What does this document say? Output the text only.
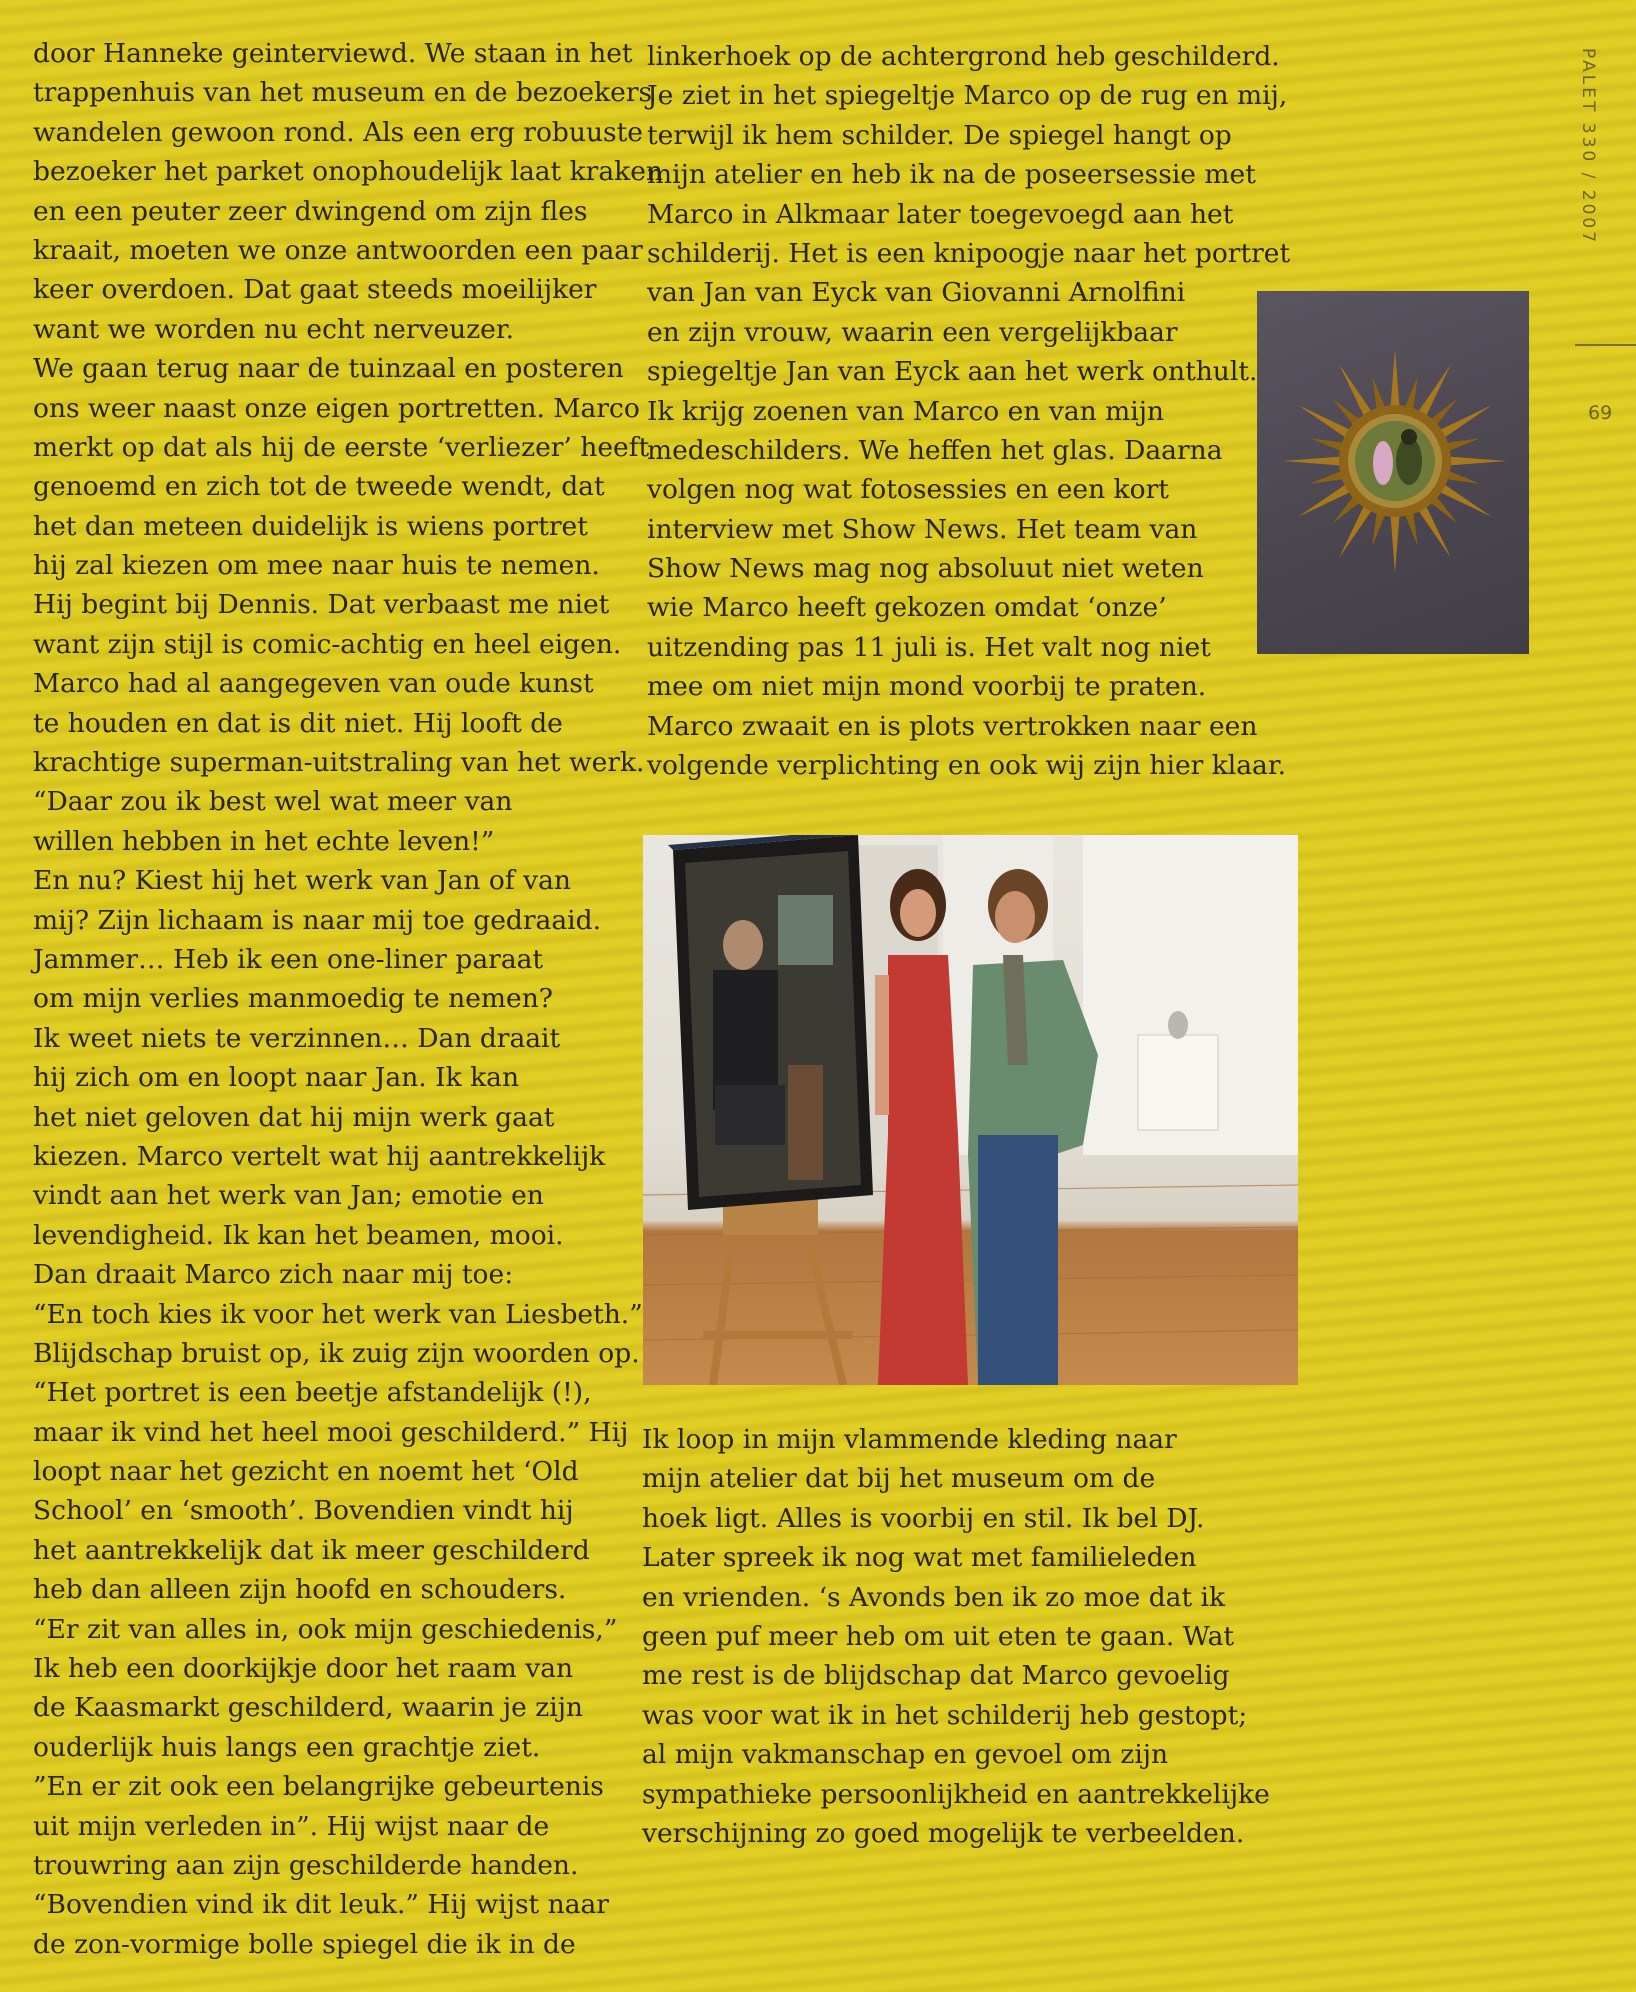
PALET 330 / 2007
69
door Hanneke geinterviewd. We staan in het
trappenhuis van het museum en de bezoekers
wandelen gewoon rond. Als een erg robuuste
bezoeker het parket onophoudelijk laat kraken
en een peuter zeer dwingend om zijn fles
kraait, moeten we onze antwoorden een paar
keer overdoen. Dat gaat steeds moeilijker
want we worden nu echt nerveuzer.
We gaan terug naar de tuinzaal en posteren
ons weer naast onze eigen portretten. Marco
merkt op dat als hij de eerste ‘verliezer’ heeft
genoemd en zich tot de tweede wendt, dat
het dan meteen duidelijk is wiens portret
hij zal kiezen om mee naar huis te nemen.
Hij begint bij Dennis. Dat verbaast me niet
want zijn stijl is comic-achtig en heel eigen.
Marco had al aangegeven van oude kunst
te houden en dat is dit niet. Hij looft de
krachtige superman-uitstraling van het werk.
“Daar zou ik best wel wat meer van
willen hebben in het echte leven!”
En nu? Kiest hij het werk van Jan of van
mij? Zijn lichaam is naar mij toe gedraaid.
Jammer… Heb ik een one-liner paraat
om mijn verlies manmoedig te nemen?
Ik weet niets te verzinnen… Dan draait
hij zich om en loopt naar Jan. Ik kan
het niet geloven dat hij mijn werk gaat
kiezen. Marco vertelt wat hij aantrekkelijk
vindt aan het werk van Jan; emotie en
levendigheid. Ik kan het beamen, mooi.
Dan draait Marco zich naar mij toe:
“En toch kies ik voor het werk van Liesbeth.”
Blijdschap bruist op, ik zuig zijn woorden op.
“Het portret is een beetje afstandelijk (!),
maar ik vind het heel mooi geschilderd.” Hij
loopt naar het gezicht en noemt het ‘Old
School’ en ‘smooth’. Bovendien vindt hij
het aantrekkelijk dat ik meer geschilderd
heb dan alleen zijn hoofd en schouders.
“Er zit van alles in, ook mijn geschiedenis,”
Ik heb een doorkijkje door het raam van
de Kaasmarkt geschilderd, waarin je zijn
ouderlijk huis langs een grachtje ziet.
”En er zit ook een belangrijke gebeurtenis
uit mijn verleden in”. Hij wijst naar de
trouwring aan zijn geschilderde handen.
“Bovendien vind ik dit leuk.” Hij wijst naar
de zon-vormige bolle spiegel die ik in de
linkerhoek op de achtergrond heb geschilderd.
Je ziet in het spiegeltje Marco op de rug en mij,
terwijl ik hem schilder. De spiegel hangt op
mijn atelier en heb ik na de poseersessie met
Marco in Alkmaar later toegevoegd aan het
schilderij. Het is een knipoogje naar het portret
van Jan van Eyck van Giovanni Arnolfini
en zijn vrouw, waarin een vergelijkbaar
spiegeltje Jan van Eyck aan het werk onthult.
Ik krijg zoenen van Marco en van mijn
medeschilders. We heffen het glas. Daarna
volgen nog wat fotosessies en een kort
interview met Show News. Het team van
Show News mag nog absoluut niet weten
wie Marco heeft gekozen omdat ‘onze’
uitzending pas 11 juli is. Het valt nog niet
mee om niet mijn mond voorbij te praten.
Marco zwaait en is plots vertrokken naar een
volgende verplichting en ook wij zijn hier klaar.
Ik loop in mijn vlammende kleding naar
mijn atelier dat bij het museum om de
hoek ligt. Alles is voorbij en stil. Ik bel DJ.
Later spreek ik nog wat met familieleden
en vrienden. ‘s Avonds ben ik zo moe dat ik
geen puf meer heb om uit eten te gaan. Wat
me rest is de blijdschap dat Marco gevoelig
was voor wat ik in het schilderij heb gestopt;
al mijn vakmanschap en gevoel om zijn
sympathieke persoonlijkheid en aantrekkelijke
verschijning zo goed mogelijk te verbeelden.
